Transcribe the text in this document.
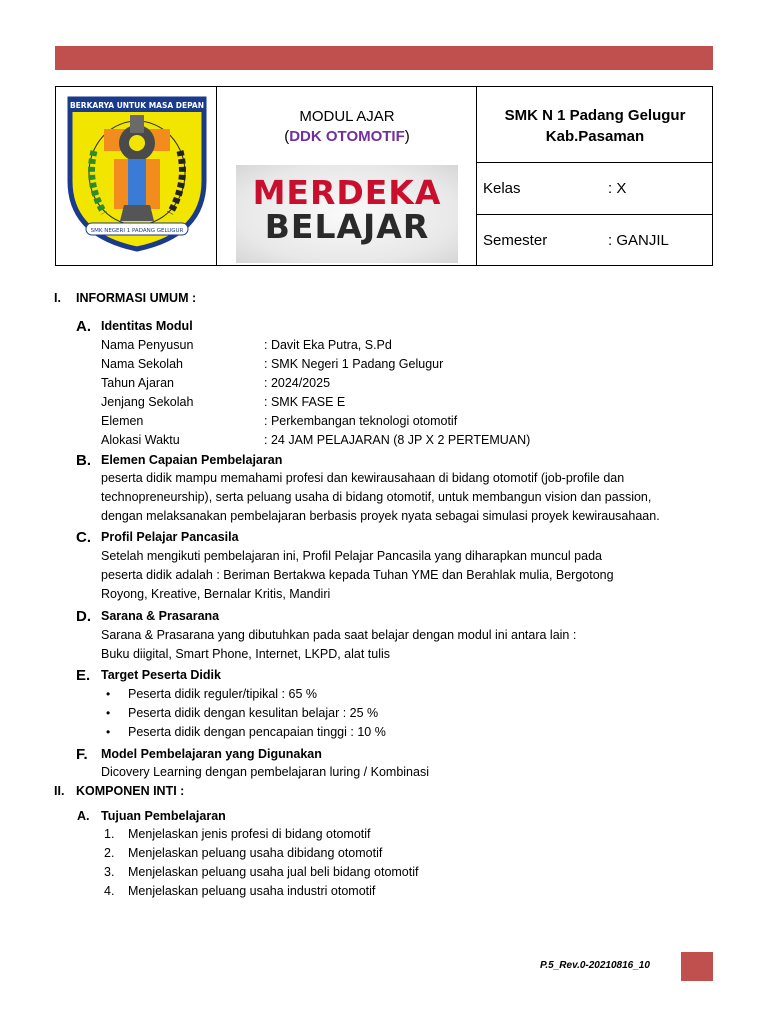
BERKARYA UNTUK MASA DEPAN
SMK NEGERI 1 PADANG GELUGUR
MODUL AJAR
(DDK OTOMOTIF)
MERDEKA
BELAJAR
SMK N 1 Padang Gelugur
Kab.Pasaman
Kelas	: X
Semester	: GANJIL
I. INFORMASI UMUM :
A. Identitas Modul
Nama Penyusun	: Davit Eka Putra, S.Pd
Nama Sekolah	: SMK Negeri 1 Padang Gelugur
Tahun Ajaran	: 2024/2025
Jenjang Sekolah	: SMK FASE E
Elemen	: Perkembangan teknologi otomotif
Alokasi Waktu	: 24 JAM PELAJARAN (8 JP X 2 PERTEMUAN)
B. Elemen Capaian Pembelajaran
peserta didik mampu memahami profesi dan kewirausahaan di bidang otomotif (job-profile dan
technopreneurship), serta peluang usaha di bidang otomotif, untuk membangun vision dan passion,
dengan melaksanakan pembelajaran berbasis proyek nyata sebagai simulasi proyek kewirausahaan.
C. Profil Pelajar Pancasila
Setelah mengikuti pembelajaran ini, Profil Pelajar Pancasila yang diharapkan muncul pada
peserta didik adalah : Beriman Bertakwa kepada Tuhan YME dan Berahlak mulia, Bergotong
Royong, Kreative, Bernalar Kritis, Mandiri
D. Sarana & Prasarana
Sarana & Prasarana yang dibutuhkan pada saat belajar dengan modul ini antara lain :
Buku diigital, Smart Phone, Internet, LKPD, alat tulis
E. Target Peserta Didik
• Peserta didik reguler/tipikal : 65 %
• Peserta didik dengan kesulitan belajar : 25 %
• Peserta didik dengan pencapaian tinggi : 10 %
F. Model Pembelajaran yang Digunakan
Dicovery Learning dengan pembelajaran luring / Kombinasi
II. KOMPONEN INTI :
A. Tujuan Pembelajaran
1. Menjelaskan jenis profesi di bidang otomotif
2. Menjelaskan peluang usaha dibidang otomotif
3. Menjelaskan peluang usaha jual beli bidang otomotif
4. Menjelaskan peluang usaha industri otomotif
P.5_Rev.0-20210816_10
